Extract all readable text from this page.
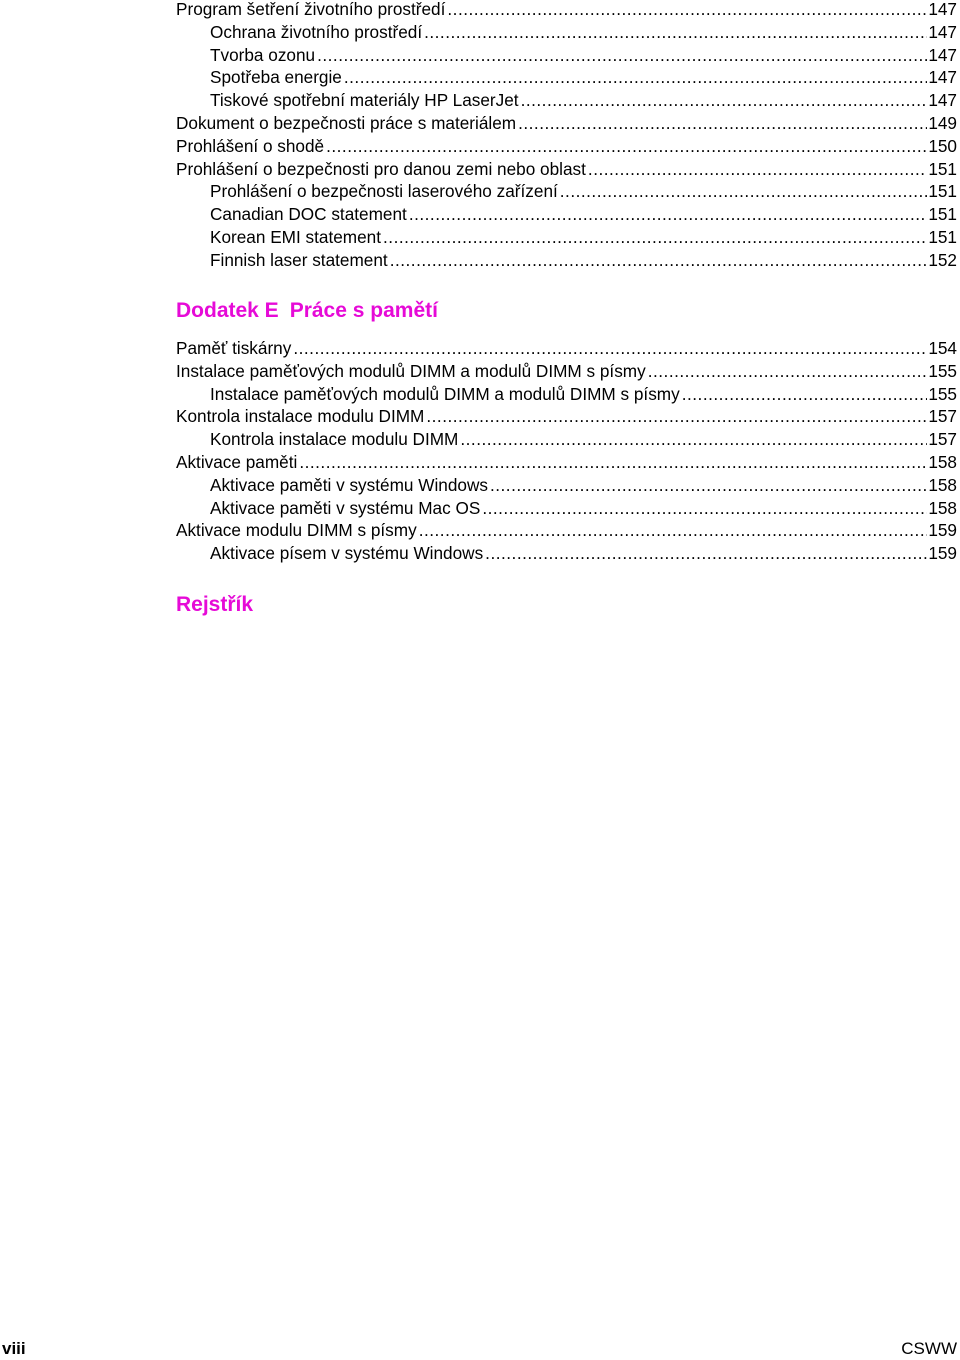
Program šetření životního prostředí .....	147
Ochrana životního prostředí .....	147
Tvorba ozonu .....	147
Spotřeba energie .....	147
Tiskové spotřební materiály HP LaserJet .....	147
Dokument o bezpečnosti práce s materiálem .....	149
Prohlášení o shodě .....	150
Prohlášení o bezpečnosti pro danou zemi nebo oblast .....	151
Prohlášení o bezpečnosti laserového zařízení .....	151
Canadian DOC statement .....	151
Korean EMI statement .....	151
Finnish laser statement .....	152
Dodatek E Práce s pamětí
Paměť tiskárny .....	154
Instalace paměťových modulů DIMM a modulů DIMM s písmy .....	155
Instalace paměťových modulů DIMM a modulů DIMM s písmy .....	155
Kontrola instalace modulu DIMM .....	157
Kontrola instalace modulu DIMM .....	157
Aktivace paměti .....	158
Aktivace paměti v systému Windows .....	158
Aktivace paměti v systému Mac OS .....	158
Aktivace modulu DIMM s písmy .....	159
Aktivace písem v systému Windows .....	159
Rejstřík
viii	CSWW
